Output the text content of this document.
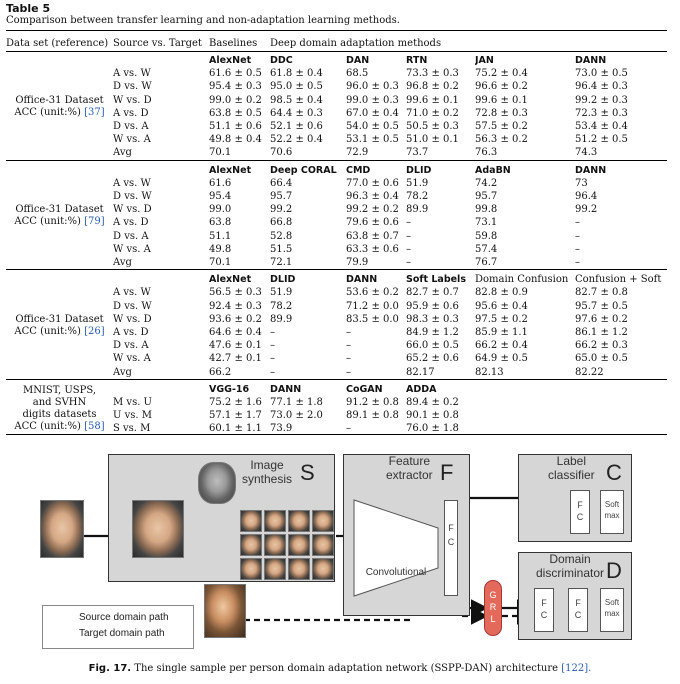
Table 5
Comparison between transfer learning and non-adaptation learning methods.
Data set (reference)	Source vs. Target	Baselines	Deep domain adaptation methods				

Office-31 Dataset
ACC (unit:%) [37]		AlexNet	DDC	DAN	RTN	JAN	DANN
	A vs. W	61.6 ± 0.5	61.8 ± 0.4	68.5	73.3 ± 0.3	75.2 ± 0.4	73.0 ± 0.5
	D vs. W	95.4 ± 0.3	95.0 ± 0.5	96.0 ± 0.3	96.8 ± 0.2	96.6 ± 0.2	96.4 ± 0.3
	W vs. D	99.0 ± 0.2	98.5 ± 0.4	99.0 ± 0.3	99.6 ± 0.1	99.6 ± 0.1	99.2 ± 0.3
	A vs. D	63.8 ± 0.5	64.4 ± 0.3	67.0 ± 0.4	71.0 ± 0.2	72.8 ± 0.3	72.3 ± 0.3
	D vs. A	51.1 ± 0.6	52.1 ± 0.6	54.0 ± 0.5	50.5 ± 0.3	57.5 ± 0.2	53.4 ± 0.4
	W vs. A	49.8 ± 0.4	52.2 ± 0.4	53.1 ± 0.5	51.0 ± 0.1	56.3 ± 0.2	51.2 ± 0.5
	Avg	70.1	70.6	72.9	73.7	76.3	74.3

Office-31 Dataset
ACC (unit:%) [79]		AlexNet	Deep CORAL	CMD	DLID	AdaBN	DANN
	A vs. W	61.6	66.4	77.0 ± 0.6	51.9	74.2	73
	D vs. W	95.4	95.7	96.3 ± 0.4	78.2	95.7	96.4
	W vs. D	99.0	99.2	99.2 ± 0.2	89.9	99.8	99.2
	A vs. D	63.8	66.8	79.6 ± 0.6	–	73.1	–
	D vs. A	51.1	52.8	63.8 ± 0.7	–	59.8	–
	W vs. A	49.8	51.5	63.3 ± 0.6	–	57.4	–
	Avg	70.1	72.1	79.9	–	76.7	–

Office-31 Dataset
ACC (unit:%) [26]		AlexNet	DLID	DANN	Soft Labels	Domain Confusion	Confusion + Soft
	A vs. W	56.5 ± 0.3	51.9	53.6 ± 0.2	82.7 ± 0.7	82.8 ± 0.9	82.7 ± 0.8
	D vs. W	92.4 ± 0.3	78.2	71.2 ± 0.0	95.9 ± 0.6	95.6 ± 0.4	95.7 ± 0.5
	W vs. D	93.6 ± 0.2	89.9	83.5 ± 0.0	98.3 ± 0.3	97.5 ± 0.2	97.6 ± 0.2
	A vs. D	64.6 ± 0.4	–	–	84.9 ± 1.2	85.9 ± 1.1	86.1 ± 1.2
	D vs. A	47.6 ± 0.1	–	–	66.0 ± 0.5	66.2 ± 0.4	66.2 ± 0.3
	W vs. A	42.7 ± 0.1	–	–	65.2 ± 0.6	64.9 ± 0.5	65.0 ± 0.5
	Avg	66.2	–	–	82.17	82.13	82.22

MNIST, USPS,
and SVHN
digits datasets
ACC (unit:%) [58]		VGG-16	DANN	CoGAN	ADDA		
	M vs. U	75.2 ± 1.6	77.1 ± 1.8	91.2 ± 0.8	89.4 ± 0.2		
	U vs. M	57.1 ± 1.7	73.0 ± 2.0	89.1 ± 0.8	90.1 ± 0.8		
	S vs. M	60.1 ± 1.1	73.9	–	76.0 ± 1.8		
Image
synthesis S	Feature
extractor F
Convolutional
F
C
G
R
L
Label
classifier C
F
C
Soft
max
Domain
discriminator D
F
C
F
C
Soft
max
Source domain path
Target domain path
Fig. 17. The single sample per person domain adaptation network (SSPP-DAN) architecture [122].
